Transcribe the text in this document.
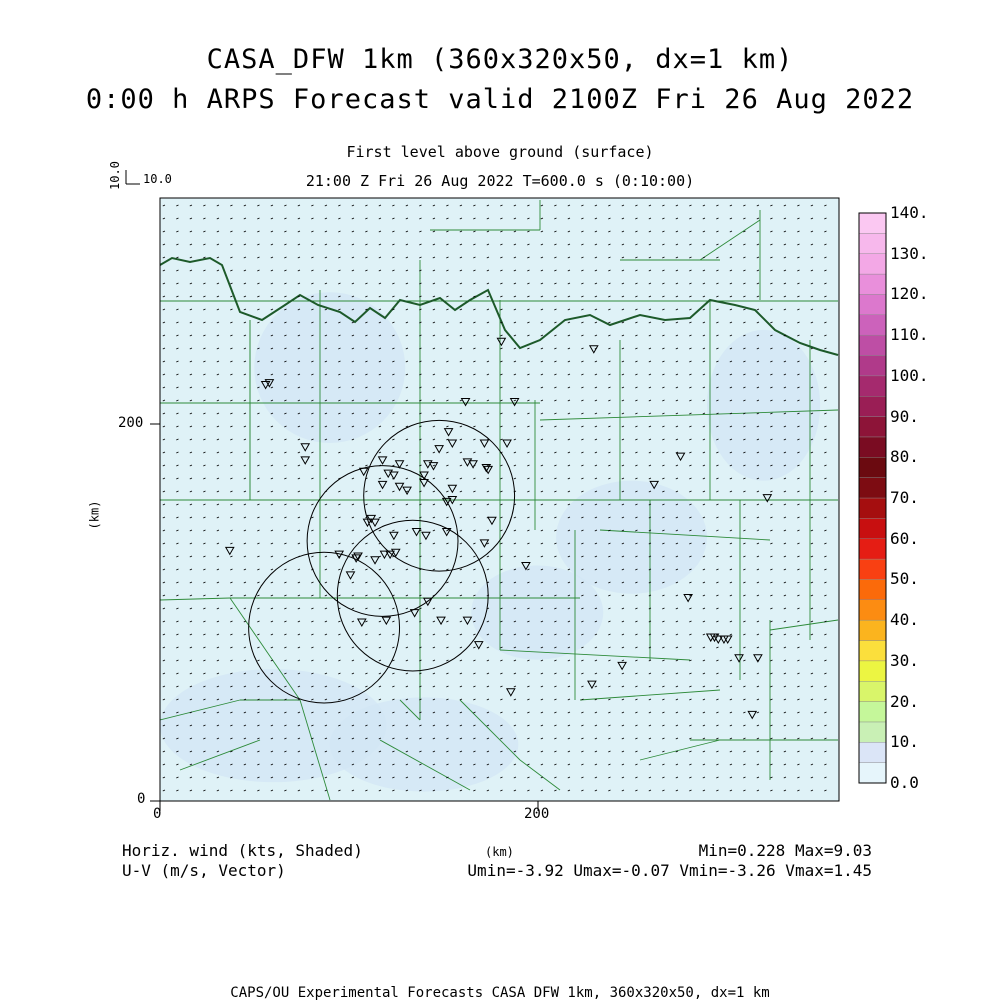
CASA_DFW 1km (360x320x50, dx=1 km)
0:00 h ARPS Forecast valid 2100Z Fri 26 Aug 2022
First level above ground (surface)
21:00 Z Fri 26 Aug 2022 T=600.0 s (0:10:00)
10.0
10.0
0	200
0
200
(km)
(km)
Horiz. wind (kts, Shaded)
U-V (m/s, Vector)
Min=0.228 Max=9.03
Umin=-3.92 Umax=-0.07 Vmin=-3.26 Vmax=1.45
CAPS/OU Experimental Forecasts CASA DFW 1km, 360x320x50, dx=1 km
0.0
10.
20.
30.
40.
50.
60.
70.
80.
90.
100.
110.
120.
130.
140.
